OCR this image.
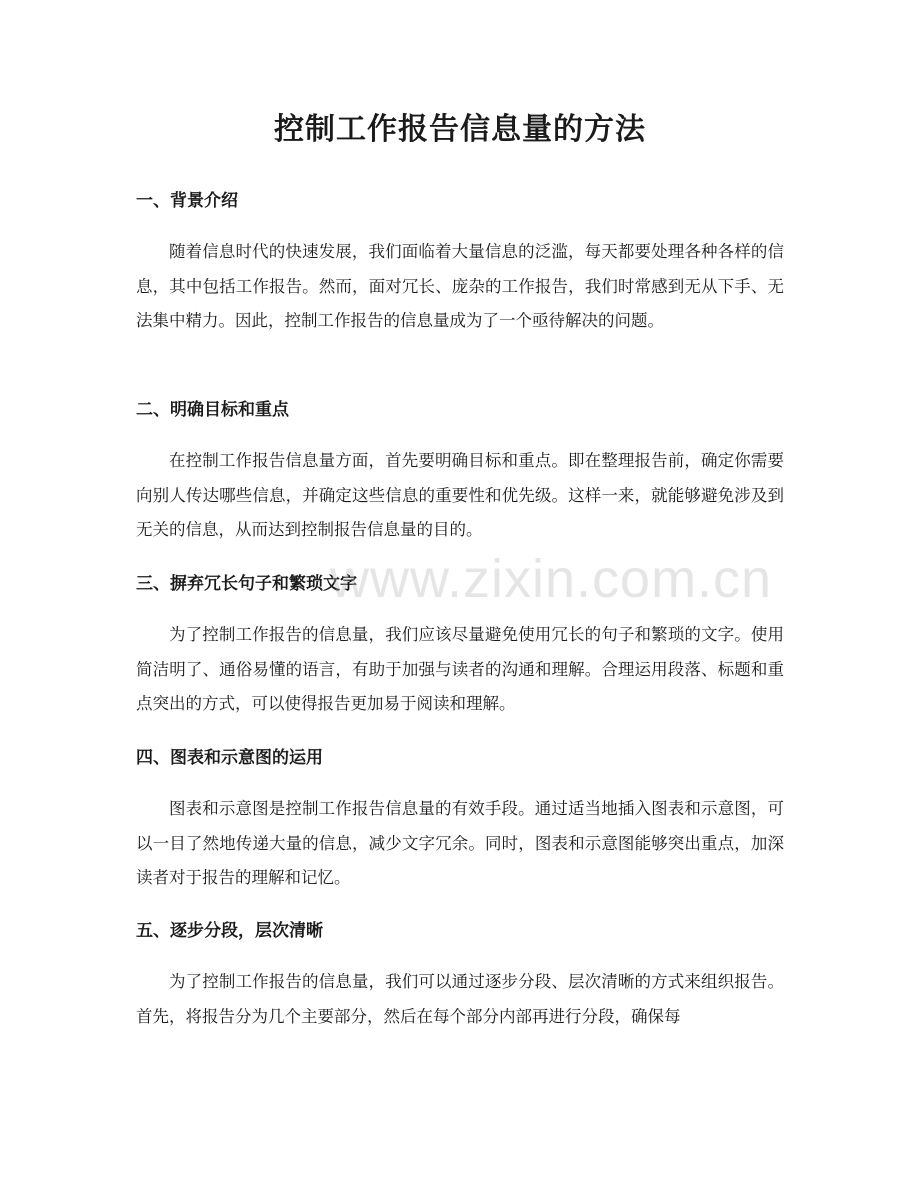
控制工作报告信息量的方法
一、背景介绍

随着信息时代的快速发展，我们面临着大量信息的泛滥，每天都要处理各种各样的信息，其中包括工作报告。然而，面对冗长、庞杂的工作报告，我们时常感到无从下手、无法集中精力。因此，控制工作报告的信息量成为了一个亟待解决的问题。

二、明确目标和重点

在控制工作报告信息量方面，首先要明确目标和重点。即在整理报告前，确定你需要向别人传达哪些信息，并确定这些信息的重要性和优先级。这样一来，就能够避免涉及到无关的信息，从而达到控制报告信息量的目的。

三、摒弃冗长句子和繁琐文字

为了控制工作报告的信息量，我们应该尽量避免使用冗长的句子和繁琐的文字。使用简洁明了、通俗易懂的语言，有助于加强与读者的沟通和理解。合理运用段落、标题和重点突出的方式，可以使得报告更加易于阅读和理解。

四、图表和示意图的运用

图表和示意图是控制工作报告信息量的有效手段。通过适当地插入图表和示意图，可以一目了然地传递大量的信息，减少文字冗余。同时，图表和示意图能够突出重点，加深读者对于报告的理解和记忆。

五、逐步分段，层次清晰

为了控制工作报告的信息量，我们可以通过逐步分段、层次清晰的方式来组织报告。首先，将报告分为几个主要部分，然后在每个部分内部再进行分段，确保每

www.zixin.com.cn
